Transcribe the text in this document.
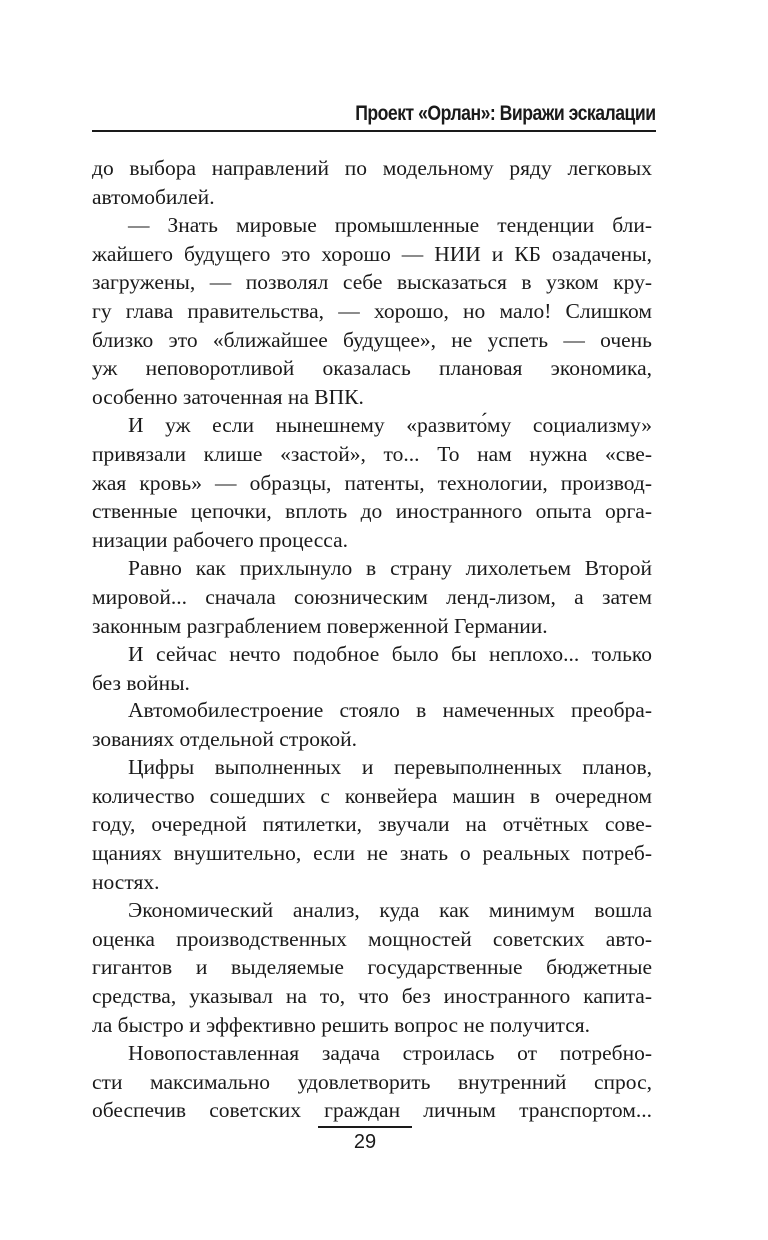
Проект «Орлан»: Виражи эскалации
до выбора направлений по модельному ряду легковых
автомобилей.
— Знать мировые промышленные тенденции бли-
жайшего будущего это хорошо — НИИ и КБ озадачены,
загружены, — позволял себе высказаться в узком кру-
гу глава правительства, — хорошо, но мало! Слишком
близко это «ближайшее будущее», не успеть — очень
уж неповоротливой оказалась плановая экономика,
особенно заточенная на ВПК.
И уж если нынешнему «развито́му социализму»
привязали клише «застой», то... То нам нужна «све-
жая кровь» — образцы, патенты, технологии, производ-
ственные цепочки, вплоть до иностранного опыта орга-
низации рабочего процесса.
Равно как прихлынуло в страну лихолетьем Второй
мировой... сначала союзническим ленд-лизом, а затем
законным разграблением поверженной Германии.
И сейчас нечто подобное было бы неплохо... только
без войны.
Автомобилестроение стояло в намеченных преобра-
зованиях отдельной строкой.
Цифры выполненных и перевыполненных планов,
количество сошедших с конвейера машин в очередном
году, очередной пятилетки, звучали на отчётных сове-
щаниях внушительно, если не знать о реальных потреб-
ностях.
Экономический анализ, куда как минимум вошла
оценка производственных мощностей советских авто-
гигантов и выделяемые государственные бюджетные
средства, указывал на то, что без иностранного капита-
ла быстро и эффективно решить вопрос не получится.
Новопоставленная задача строилась от потребно-
сти максимально удовлетворить внутренний спрос,
обеспечив советских граждан личным транспортом...
29
